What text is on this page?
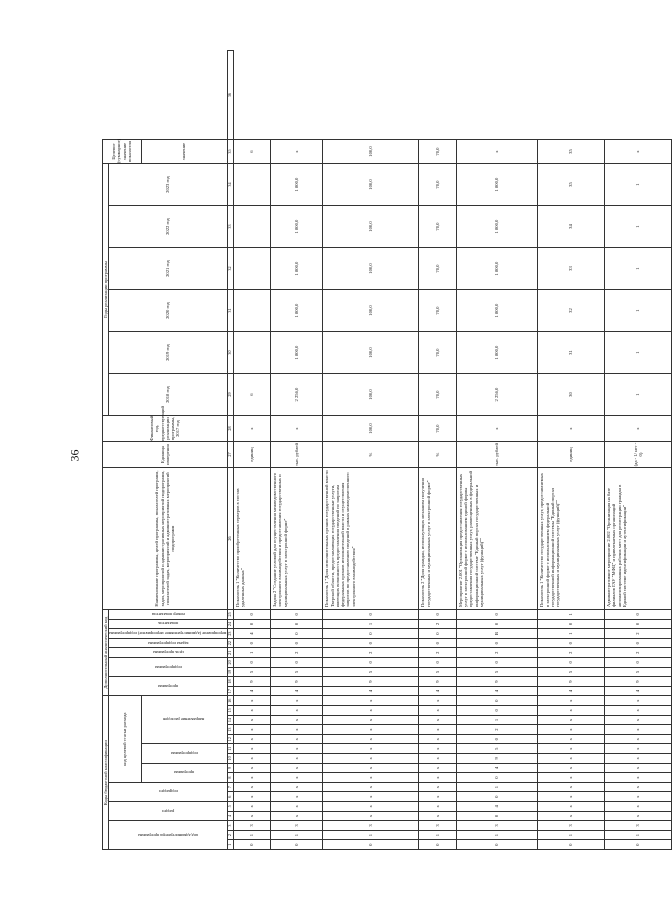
36
Коды бюджетной классификации																Дополнительный аналитический код									Наименование программы, целей программы, показателей программ, задач, мероприятий и административных мероприятий подпрограмм, показателей задач, мероприятий и административных мероприятий подпрограмм	Единица измерения	Финансовый год, предшествующий реализации программы, 2017 год	Годы реализации программы						Целевое (суммарное) значение показателя	

код администратора программы			раздел		подраздел		код целевой статьи расхода									программа		подпрограмма		цель программы	задача подпрограммы	мероприятие (административное мероприятие) подпрограммы	показатель	номер показателя				2018 год	2019 год	2020 год	2021 год	2022 год	2023 год		

							программа		подпрограмма		направление расходов																							значение	
1	2	3	4	5	6	7	8	9	10	11	12	13	14	15	16	17	18	19	20	21	22	23	24	25	26	27	28	29	30	31	32	33	34	35	36
0	1	3	x	x	x	x	x	x	x	x	x	x	x	x	x	4	9	5	0	1	0	4	0	0	Показатель 1 "Количество приобретенных серверов в состав удаленных данных"	единиц	x	6						6	
0	1	3	x	x	x	x	x	x	x	x	x	x	x	x	x	4	9	5	0	2	0	0	0	0	Задача 2 "Создание условий для осуществления межведомственного электронного взаимодействия и предоставления государственных и муниципальных услуг в электронной форме"	тыс. рублей	x	2 256,0	1 800,0	1 800,0	1 800,0	1 800,0	1 800,0	x	
0	1	3	x	x	x	x	x	x	x	x	x	x	x	x	x	4	9	5	0	2	0	0	1	0	Показатель 1 "Доля исполнительных органов государственной власти Тверской области, предоставляющих государственные услуги, имеющих возможность предоставления сведений по запросам федеральных органов исполнительной власти и осуществления запросов по предоставлению сведений в рамках межведомственного электронного взаимодействия"	%	100,0	100,0	100,0	100,0	100,0	100,0	100,0	100,0	
0	1	3	x	x	x	x	x	x	x	x	x	x	x	x	x	4	9	5	0	2	0	0	2	0	Показатель 2 "Доля граждан, использующих механизм получения государственных и муниципальных услуг в электронной форме"	%	70,0	70,0	70,0	70,0	70,0	70,0	70,0	70,0	
0	1	3	0	4	0	1	0	4	9	5	0	2	1	0	0	4	9	5	0	2	0	B	0	0	Мероприятие 2.001 "Организация предоставления государственных услуг в электронной форме с использованием единой формы предоставления государственных услуг, размещенных в федеральной информационной системе "Единый портал государственных и муниципальных услуг (функций)""	тыс. рублей	x	2 256,0	1 800,0	1 800,0	1 800,0	1 800,0	1 800,0	x	
0	1	3	x	x	x	x	x	x	x	x	x	x	x	x	x	4	9	5	0	2	0	1	0	1	Показатель 1 "Количество государственных услуг, предоставляемых в электронной форме с использованием федеральной государственной информационной системы "Единый портал государственных и муниципальных услуг (функций)""	единиц	x	30	31	32	33	34	35	35	
0	1	3	x	x	x	x	x	x	x	x	x	x	x	x	x	4	9	5	0	2	0	2	0	0	Административное мероприятие 2.002 "Организация на базе филиалов ГАУ "МФЦ" и привлекаемых организаций автоматизированных рабочих мест для регистрации граждан в Единой системе идентификации и аутентификации"	(да - 1/ нет - 0)	x	1	1	1	1	1	1	x	
